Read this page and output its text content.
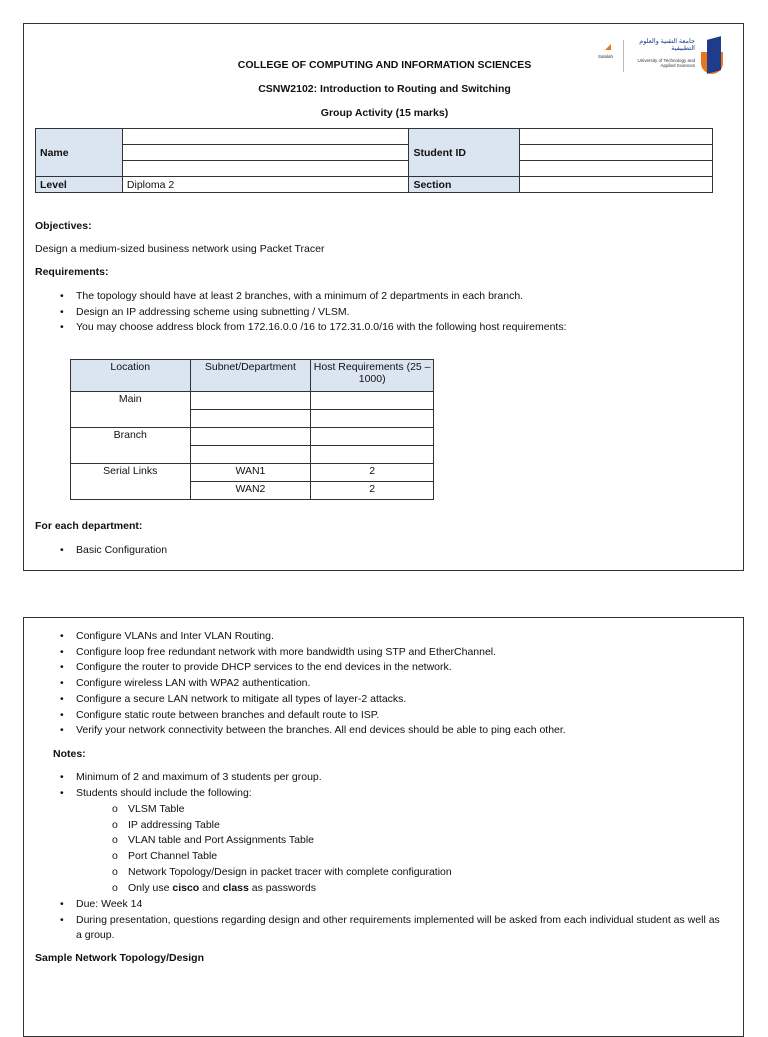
COLLEGE OF COMPUTING AND INFORMATION SCIENCES
CSNW2102: Introduction to Routing and Switching
Group Activity (15 marks)
Salalah
جامعة التقنية والعلوم التطبيقية
University of Technology and Applied Sciences
Name		Student ID	

Level	Diploma 2	Section	
Objectives:
Design a medium-sized business network using Packet Tracer
Requirements:
• The topology should have at least 2 branches, with a minimum of 2 departments in each branch.
• Design an IP addressing scheme using subnetting / VLSM.
• You may choose address block from 172.16.0.0 /16 to 172.31.0.0/16 with the following host requirements:
Location	Subnet/Department	Host Requirements (25 – 1000)
Main		

Branch		

Serial Links	WAN1	2
	WAN2	2
For each department:
• Basic Configuration
• Configure VLANs and Inter VLAN Routing.
• Configure loop free redundant network with more bandwidth using STP and EtherChannel.
• Configure the router to provide DHCP services to the end devices in the network.
• Configure wireless LAN with WPA2 authentication.
• Configure a secure LAN network to mitigate all types of layer-2 attacks.
• Configure static route between branches and default route to ISP.
• Verify your network connectivity between the branches. All end devices should be able to ping each other.
Notes:
• Minimum of 2 and maximum of 3 students per group.
• Students should include the following:
o VLSM Table
o IP addressing Table
o VLAN table and Port Assignments Table
o Port Channel Table
o Network Topology/Design in packet tracer with complete configuration
o Only use cisco and class as passwords
• Due: Week 14
• During presentation, questions regarding design and other requirements implemented will be asked from each individual student as well as
a group.
Sample Network Topology/Design
